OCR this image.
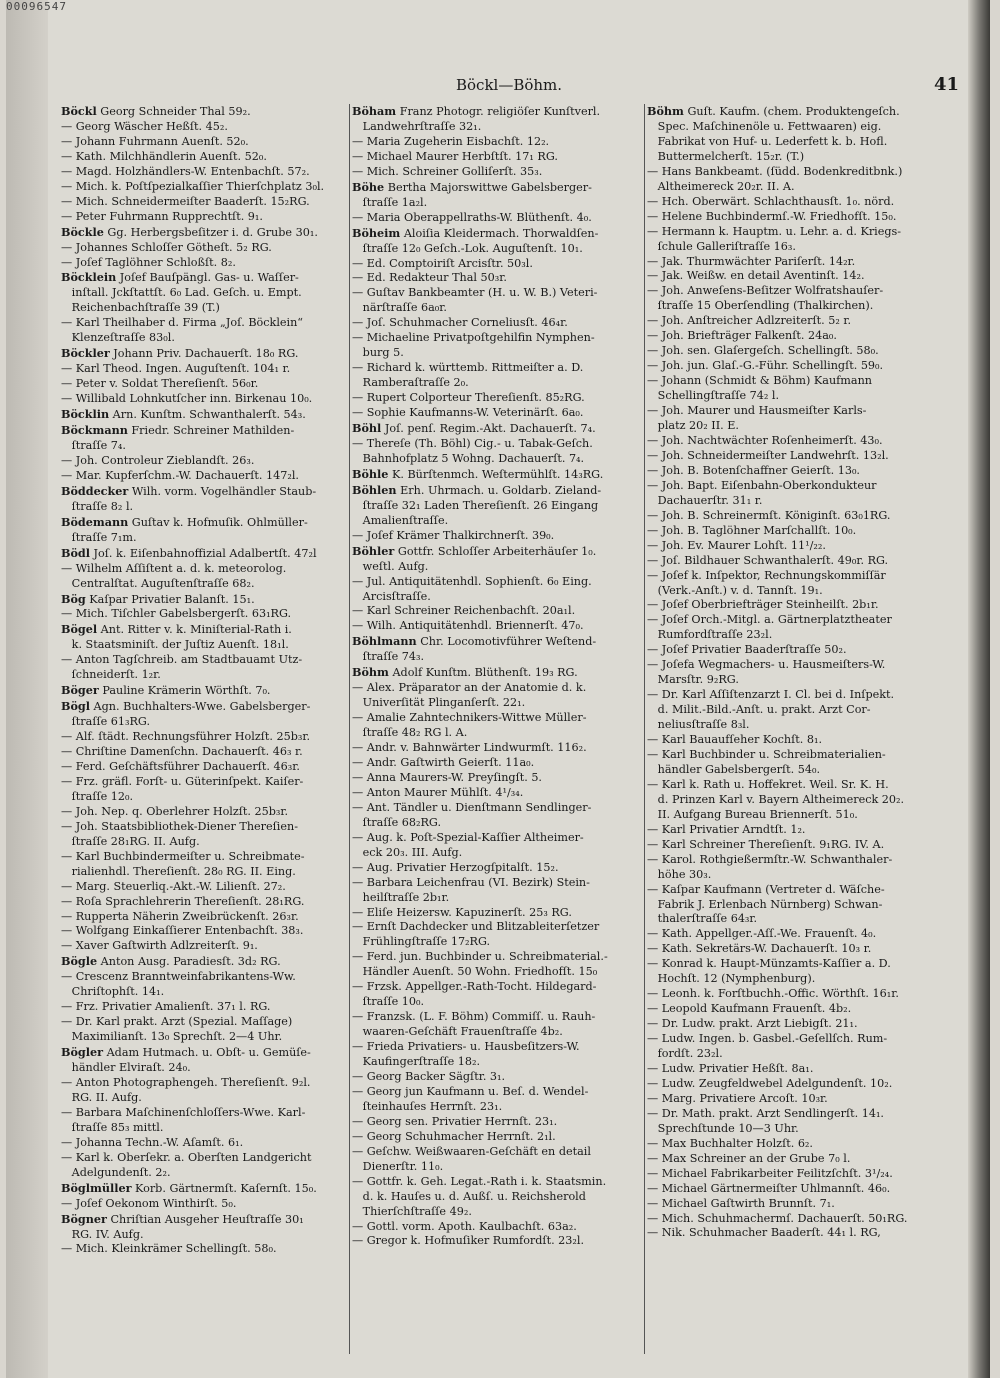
00096547
Böckl—Böhm.	41
Böckl Georg Schneider Thal 59₂.
— Georg Wäscher Heßſt. 45₂.
— Johann Fuhrmann Auenſt. 52₀.
— Kath. Milchhändlerin Auenſt. 52₀.
— Magd. Holzhändlers-W. Entenbachſt. 57₂.
— Mich. k. Poſtſpezialkaſſier Thierſchplatz 3₀l.
— Mich. Schneidermeiſter Baaderſt. 15₂RG.
— Peter Fuhrmann Rupprechtſt. 9₁.
Böckle Gg. Herbergsbeſitzer i. d. Grube 30₁.
— Johannes Schloſſer Götheſt. 5₂ RG.
— Joſef Taglöhner Schloßſt. 8₂.
Böcklein Joſef Bauſpängl. Gas- u. Waſſer-
inſtall. Jckſtattſt. 6₀ Lad. Geſch. u. Empt.
Reichenbachſtraſſe 39 (T.)
— Karl Theilhaber d. Firma „Joſ. Böcklein“
Klenzeſtraſſe 83₀l.
Böckler Johann Priv. Dachauerſt. 18₀ RG.
— Karl Theod. Ingen. Auguſtenſt. 104₁ r.
— Peter v. Soldat Thereſienſt. 56₀r.
— Willibald Lohnkutſcher inn. Birkenau 10₀.
Böcklin Arn. Kunſtm. Schwanthalerſt. 54₃.
Böckmann Friedr. Schreiner Mathilden-
ſtraſſe 7₄.
— Joh. Controleur Zieblandſt. 26₃.
— Mar. Kupferſchm.-W. Dachauerſt. 147₂l.
Böddecker Wilh. vorm. Vogelhändler Staub-
ſtraſſe 8₂ l.
Bödemann Guſtav k. Hofmuſik. Ohlmüller-
ſtraſſe 7₁m.
Bödl Joſ. k. Eiſenbahnoffizial Adalbertſt. 47₂l
— Wilhelm Aſſiſtent a. d. k. meteorolog.
Centralſtat. Auguſtenſtraſſe 68₂.
Bög Kaſpar Privatier Balanſt. 15₁.
— Mich. Tiſchler Gabelsbergerſt. 63₁RG.
Bögel Ant. Ritter v. k. Miniſterial-Rath i.
k. Staatsminiſt. der Juſtiz Auenſt. 18₁l.
— Anton Tagſchreib. am Stadtbauamt Utz-
ſchneiderſt. 1₂r.
Böger Pauline Krämerin Wörthſt. 7₀.
Bögl Agn. Buchhalters-Wwe. Gabelsberger-
ſtraſſe 61₃RG.
— Alf. ſtädt. Rechnungsführer Holzſt. 25b₃r.
— Chriſtine Damenſchn. Dachauerſt. 46₃ r.
— Ferd. Geſchäftsführer Dachauerſt. 46₃r.
— Frz. gräfl. Forſt- u. Güterinſpekt. Kaiſer-
ſtraſſe 12₀.
— Joh. Nep. q. Oberlehrer Holzſt. 25b₃r.
— Joh. Staatsbibliothek-Diener Thereſien-
ſtraſſe 28₁RG. II. Aufg.
— Karl Buchbindermeiſter u. Schreibmate-
rialienhdl. Thereſienſt. 28₀ RG. II. Eing.
— Marg. Steuerliq.-Akt.-W. Lilienſt. 27₂.
— Roſa Sprachlehrerin Thereſienſt. 28₁RG.
— Rupperta Näherin Zweibrückenſt. 26₃r.
— Wolfgang Einkaſſierer Entenbachſt. 38₃.
— Xaver Gaſtwirth Adlzreiterſt. 9₁.
Bögle Anton Ausg. Paradiesſt. 3d₂ RG.
— Crescenz Branntweinfabrikantens-Ww.
Chriſtophſt. 14₁.
— Frz. Privatier Amalienſt. 37₁ l. RG.
— Dr. Karl prakt. Arzt (Spezial. Maſſage)
Maximilianſt. 13₀ Sprechſt. 2—4 Uhr.
Bögler Adam Hutmach. u. Obſt- u. Gemüſe-
händler Elviraſt. 24₀.
— Anton Photographengeh. Thereſienſt. 9₂l.
RG. II. Aufg.
— Barbara Maſchinenſchloſſers-Wwe. Karl-
ſtraſſe 85₃ mittl.
— Johanna Techn.-W. Aſamſt. 6₁.
— Karl k. Oberſekr. a. Oberſten Landgericht
Adelgundenſt. 2₂.
Böglmüller Korb. Gärtnermſt. Kaſernſt. 15₀.
— Joſef Oekonom Winthirſt. 5₀.
Bögner Chriſtian Ausgeher Heuſtraſſe 30₁
RG. IV. Aufg.
— Mich. Kleinkrämer Schellingſt. 58₀.
Böham Franz Photogr. religiöſer Kunſtverl.
Landwehrſtraſſe 32₁.
— Maria Zugeherin Eisbachſt. 12₂.
— Michael Maurer Herbſtſt. 17₁ RG.
— Mich. Schreiner Golliſerſt. 35₃.
Böhe Bertha Majorswittwe Gabelsberger-
ſtraſſe 1a₂l.
— Maria Oberappellraths-W. Blüthenſt. 4₀.
Böheim Aloiſia Kleidermach. Thorwaldſen-
ſtraſſe 12₀ Geſch.-Lok. Auguſtenſt. 10₁.
— Ed. Comptoiriſt Arcisſtr. 50₃l.
— Ed. Redakteur Thal 50₃r.
— Guſtav Bankbeamter (H. u. W. B.) Veteri-
närſtraſſe 6a₀r.
— Joſ. Schuhmacher Corneliusſt. 46₄r.
— Michaeline Privatpoſtgehilfin Nymphen-
burg 5.
— Richard k. württemb. Rittmeiſter a. D.
Ramberaſtraſſe 2₀.
— Rupert Colporteur Thereſienſt. 85₂RG.
— Sophie Kaufmanns-W. Veterinärſt. 6a₀.
Böhl Joſ. penſ. Regim.-Akt. Dachauerſt. 7₄.
— Thereſe (Th. Böhl) Cig.- u. Tabak-Geſch.
Bahnhofplatz 5 Wohng. Dachauerſt. 7₄.
Böhle K. Bürſtenmch. Weſtermühlſt. 14₃RG.
Böhlen Erh. Uhrmach. u. Goldarb. Zieland-
ſtraſſe 32₁ Laden Thereſienſt. 26 Eingang
Amalienſtraſſe.
— Joſef Krämer Thalkirchnerſt. 39₀.
Böhler Gottfr. Schloſſer Arbeiterhäuſer 1₀.
weſtl. Aufg.
— Jul. Antiquitätenhdl. Sophienſt. 6₀ Eing.
Arcisſtraſſe.
— Karl Schreiner Reichenbachſt. 20a₁l.
— Wilh. Antiquitätenhdl. Briennerſt. 47₀.
Böhlmann Chr. Locomotivführer Weſtend-
ſtraſſe 74₃.
Böhm Adolf Kunſtm. Blüthenſt. 19₃ RG.
— Alex. Präparator an der Anatomie d. k.
Univerſität Plinganſerſt. 22₁.
— Amalie Zahntechnikers-Wittwe Müller-
ſtraſſe 48₂ RG l. A.
— Andr. v. Bahnwärter Lindwurmſt. 116₂.
— Andr. Gaſtwirth Geierſt. 11a₀.
— Anna Maurers-W. Preyſingſt. 5.
— Anton Maurer Mühlſt. 4¹/₃₄.
— Ant. Tändler u. Dienſtmann Sendlinger-
ſtraſſe 68₂RG.
— Aug. k. Poſt-Spezial-Kaſſier Altheimer-
eck 20₃. III. Aufg.
— Aug. Privatier Herzogſpitalſt. 15₂.
— Barbara Leichenfrau (VI. Bezirk) Stein-
heilſtraſſe 2b₁r.
— Eliſe Heizersw. Kapuzinerſt. 25₃ RG.
— Ernſt Dachdecker und Blitzableiterſetzer
Frühlingſtraſſe 17₂RG.
— Ferd. jun. Buchbinder u. Schreibmaterial.-
Händler Auenſt. 50 Wohn. Friedhofſt. 15₀
— Frzsk. Appellger.-Rath-Tocht. Hildegard-
ſtraſſe 10₀.
— Franzsk. (L. F. Böhm) Commiſſ. u. Rauh-
waaren-Geſchäft Frauenſtraſſe 4b₂.
— Frieda Privatiers- u. Hausbeſitzers-W.
Kaufingerſtraſſe 18₂.
— Georg Backer Sägſtr. 3₁.
— Georg jun Kaufmann u. Beſ. d. Wendel-
ſteinhauſes Herrnſt. 23₁.
— Georg sen. Privatier Herrnſt. 23₁.
— Georg Schuhmacher Herrnſt. 2₁l.
— Geſchw. Weißwaaren-Geſchäft en detail
Dienerſtr. 11₀.
— Gottfr. k. Geh. Legat.-Rath i. k. Staatsmin.
d. k. Hauſes u. d. Außſ. u. Reichsherold
Thierſchſtraſſe 49₂.
— Gottl. vorm. Apoth. Kaulbachſt. 63a₂.
— Gregor k. Hofmuſiker Rumfordſt. 23₂l.
Böhm Guſt. Kaufm. (chem. Produktengeſch.
Spec. Maſchinenöle u. Fettwaaren) eig.
Fabrikat von Huf- u. Lederfett k. b. Hofl.
Buttermelcherſt. 15₂r. (T.)
— Hans Bankbeamt. (ſüdd. Bodenkreditbnk.)
Altheimereck 20₂r. II. A.
— Hch. Oberwärt. Schlachthausſt. 1₀. nörd.
— Helene Buchbindermſ.-W. Friedhofſt. 15₀.
— Hermann k. Hauptm. u. Lehr. a. d. Kriegs-
ſchule Galleriſtraſſe 16₃.
— Jak. Thurmwächter Pariſerſt. 14₂r.
— Jak. Weißw. en detail Aventinſt. 14₂.
— Joh. Anweſens-Beſitzer Wolfratshauſer-
ſtraſſe 15 Oberſendling (Thalkirchen).
— Joh. Anſtreicher Adlzreiterſt. 5₂ r.
— Joh. Briefträger Falkenſt. 24a₀.
— Joh. sen. Glaſergeſch. Schellingſt. 58₀.
— Joh. jun. Glaſ.-G.-Führ. Schellingſt. 59₀.
— Johann (Schmidt & Böhm) Kaufmann
Schellingſtraſſe 74₂ l.
— Joh. Maurer und Hausmeiſter Karls-
platz 20₂ II. E.
— Joh. Nachtwächter Roſenheimerſt. 43₀.
— Joh. Schneidermeiſter Landwehrſt. 13₂l.
— Joh. B. Botenſchaffner Geierſt. 13₀.
— Joh. Bapt. Eiſenbahn-Oberkondukteur
Dachauerſtr. 31₁ r.
— Joh. B. Schreinermſt. Königinſt. 63₀1RG.
— Joh. B. Taglöhner Marſchallſt. 10₀.
— Joh. Ev. Maurer Lohſt. 11¹/₂₂.
— Joſ. Bildhauer Schwanthalerſt. 49₀r. RG.
— Joſef k. Inſpektor, Rechnungskommiſſär
(Verk.-Anſt.) v. d. Tannſt. 19₁.
— Joſef Oberbriefträger Steinheilſt. 2b₁r.
— Joſef Orch.-Mitgl. a. Gärtnerplatztheater
Rumfordſtraſſe 23₂l.
— Joſef Privatier Baaderſtraſſe 50₂.
— Joſefa Wegmachers- u. Hausmeiſters-W.
Marsſtr. 9₂RG.
— Dr. Karl Aſſiſtenzarzt I. Cl. bei d. Inſpekt.
d. Milit.-Bild.-Anſt. u. prakt. Arzt Cor-
neliusſtraſſe 8₃l.
— Karl Bauaufſeher Kochſt. 8₁.
— Karl Buchbinder u. Schreibmaterialien-
händler Gabelsbergerſt. 54₀.
— Karl k. Rath u. Hoffekret. Weil. Sr. K. H.
d. Prinzen Karl v. Bayern Altheimereck 20₂.
II. Aufgang Bureau Briennerſt. 51₀.
— Karl Privatier Arndtſt. 1₂.
— Karl Schreiner Thereſienſt. 9₁RG. IV. A.
— Karol. Rothgießermſtr.-W. Schwanthaler-
höhe 30₃.
— Kaſpar Kaufmann (Vertreter d. Wäſche-
Fabrik J. Erlenbach Nürnberg) Schwan-
thalerſtraſſe 64₃r.
— Kath. Appellger.-Aſſ.-We. Frauenſt. 4₀.
— Kath. Sekretärs-W. Dachauerſt. 10₃ r.
— Konrad k. Haupt-Münzamts-Kaſſier a. D.
Hochſt. 12 (Nymphenburg).
— Leonh. k. Forſtbuchh.-Offic. Wörthſt. 16₁r.
— Leopold Kaufmann Frauenſt. 4b₂.
— Dr. Ludw. prakt. Arzt Liebigſt. 21₁.
— Ludw. Ingen. b. Gasbel.-Geſellſch. Rum-
fordſt. 23₂l.
— Ludw. Privatier Heßſt. 8a₁.
— Ludw. Zeugfeldwebel Adelgundenſt. 10₂.
— Marg. Privatiere Arcoſt. 10₃r.
— Dr. Math. prakt. Arzt Sendlingerſt. 14₁.
Sprechſtunde 10—3 Uhr.
— Max Buchhalter Holzſt. 6₂.
— Max Schreiner an der Grube 7₀ l.
— Michael Fabrikarbeiter Feilitzſchſt. 3¹/₂₄.
— Michael Gärtnermeiſter Uhlmannſt. 46₀.
— Michael Gaſtwirth Brunnſt. 7₁.
— Mich. Schuhmachermſ. Dachauerſt. 50₁RG.
— Nik. Schuhmacher Baaderſt. 44₁ l. RG,
